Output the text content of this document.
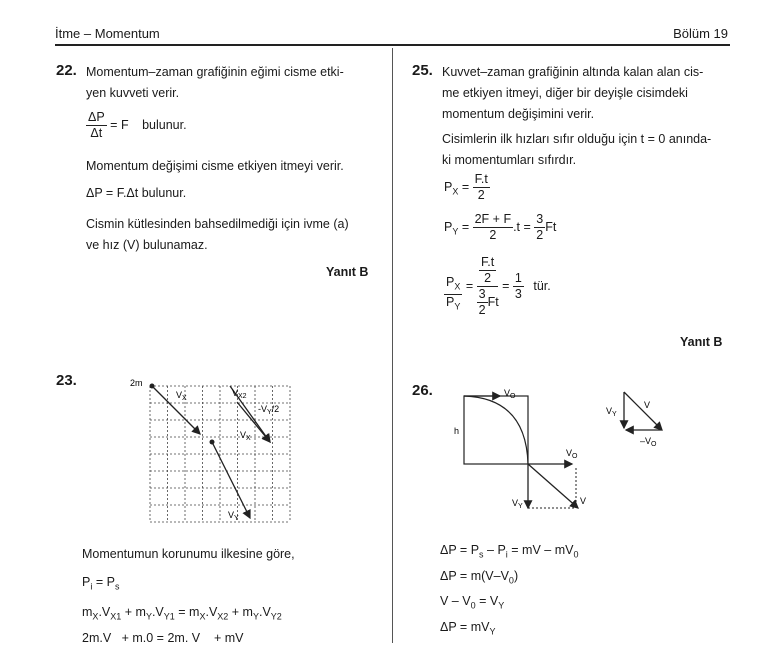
İtme – Momentum	Bölüm 19
22. Momentum–zaman grafiğinin eğimi cisme etki-
yen kuvveti verir.
$\frac{\Delta P}{\Delta t} = F$ bulunur.
Momentum değişimi cisme etkiyen itmeyi verir.
ΔP = F.Δt bulunur.
Cismin kütlesinden bahsedilmediği için ivme (a)
ve hız (V) bulunamaz.
Yanıt B
25. Kuvvet–zaman grafiğinin altında kalan alan cis-
me etkiyen itmeyi, diğer bir deyişle cisimdeki
momentum değişimini verir.
Cisimlerin ilk hızları sıfır olduğu için t = 0 anında-
ki momentumları sıfırdır.
$P_X = \frac{F.t}{2}$
$P_Y = \frac{2F + F}{2} .t = \frac{3}{2}$ Ft
$\frac{P_X}{P_Y} = \frac{\frac{F.t}{2}}{\frac{3}{2} Ft} = \frac{1}{3}$ tür.
Yanıt B
23.	2m
$V_X$
$V_{X2}$
$-V_Y/2$
$V_X$
$V_Y$
Momentumun korunumu ilkesine göre,
$P_i = P_s$
$m_X.V_{X1} + m_Y.V_{Y1} = m_X.V_{X2} + m_Y.V_{Y2}$
2m.V   + m.0 = 2m. V    + mV
26.	$V_O$
h
$V_O$
$V_Y$
V
$V_Y$
V
$-V_O$
$\Delta P = P_s - P_i$ = mV – $mV_0$
$\Delta P = m(V-V_0)$
$V - V_0 = V_Y$
$\Delta P = mV_Y$
